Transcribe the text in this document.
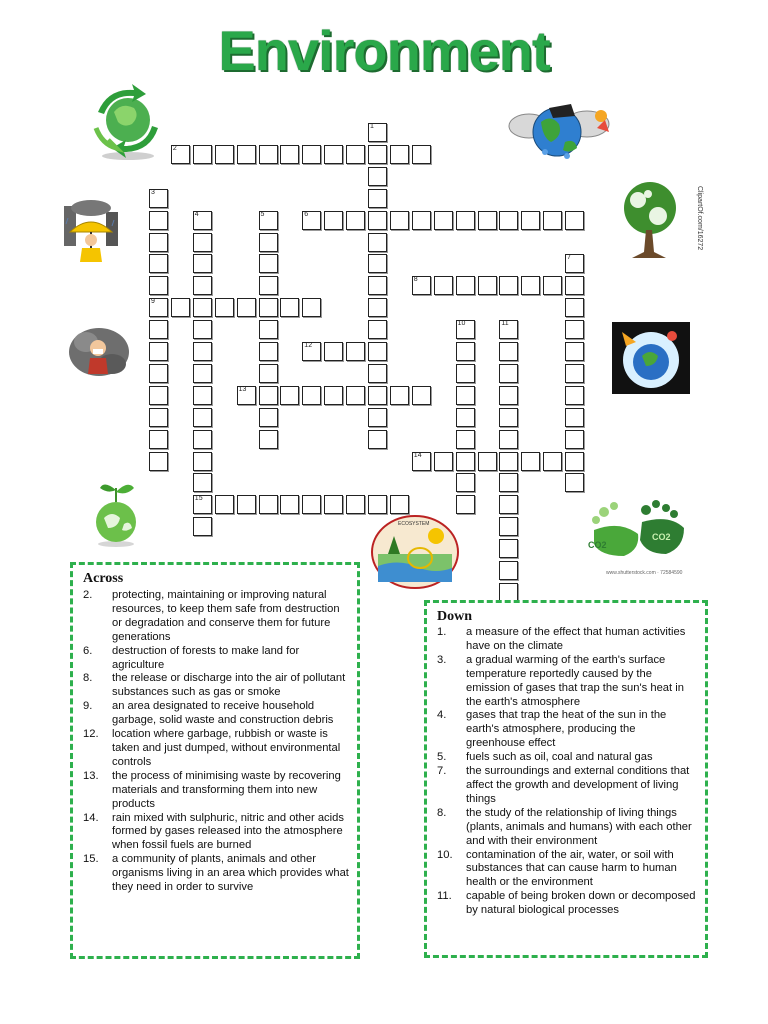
Environment
1
2
3
9
4
15
5	6
7
8
10	11
12
13
14
ClipartOf.com/16272
ECOSYSTEM
CO2
CO2
www.shutterstock.com · 72584590
Across
2. protecting, maintaining or improving natural resources, to keep them safe from destruction or degradation and conserve them for future generations
6. destruction of forests to make land for agriculture
8. the release or discharge into the air of pollutant substances such as gas or smoke
9. an area designated to receive household garbage, solid waste and construction debris
12. location where garbage, rubbish or waste is taken and just dumped, without environmental controls
13. the process of minimising waste by recovering materials and transforming them into new products
14. rain mixed with sulphuric, nitric and other acids formed by gases released into the atmosphere when fossil fuels are burned
15. a community of plants, animals and other organisms living in an area which provides what they need in order to survive
Down
1. a measure of the effect that human activities have on the climate
3. a gradual warming of the earth's surface temperature reportedly caused by the emission of gases that trap the sun's heat in the earth's atmosphere
4. gases that trap the heat of the sun in the earth's atmosphere, producing the greenhouse effect
5. fuels such as oil, coal and natural gas
7. the surroundings and external conditions that affect the growth and development of living things
8. the study of the relationship of living things (plants, animals and humans) with each other and with their environment
10. contamination of the air, water, or soil with substances that can cause harm to human health or the environment
11. capable of being broken down or decomposed by natural biological processes
